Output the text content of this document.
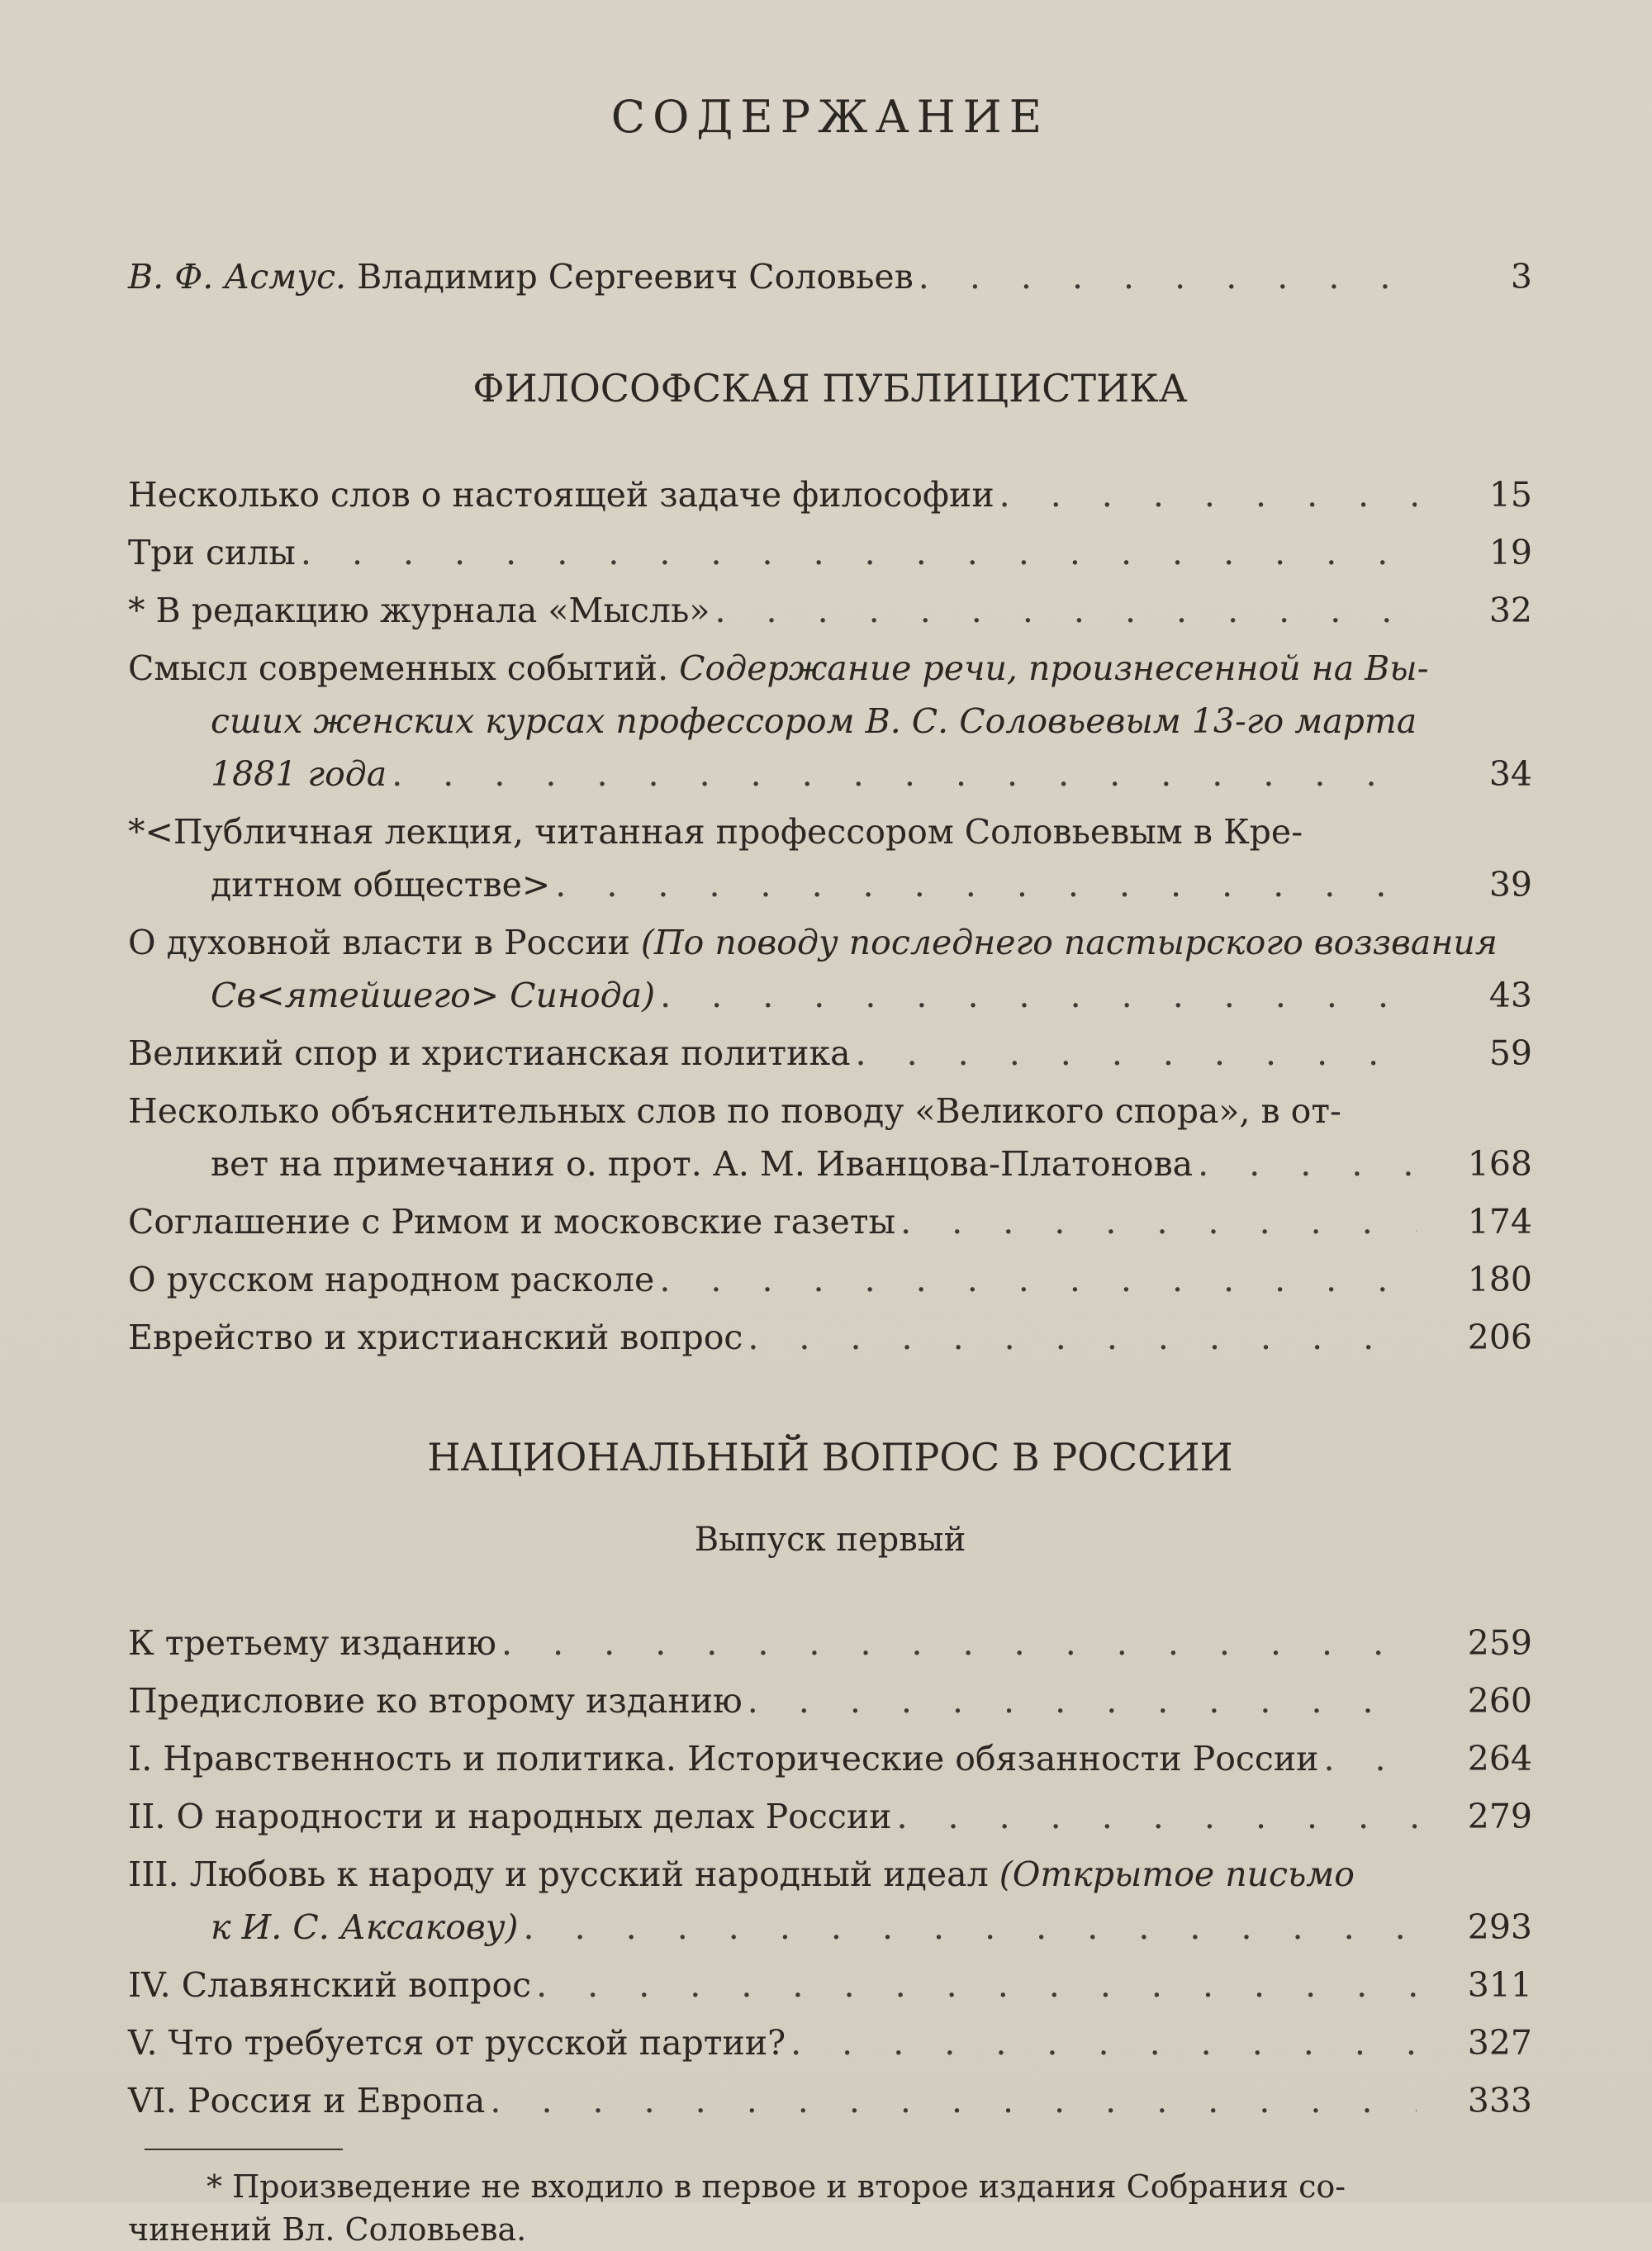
СОДЕРЖАНИЕ
В. Ф. Асмус. Владимир Сергеевич Соловьев . . .	3
ФИЛОСОФСКАЯ ПУБЛИЦИСТИКА
Несколько слов о настоящей задаче философии . . .	15
Три силы . . .	19
* В редакцию журнала «Мысль» . . .	32
Смысл современных событий. Содержание речи, произнесенной на Вы-
сших женских курсах профессором В. С. Соловьевым 13-го марта
1881 года . . .	34
*<Публичная лекция, читанная профессором Соловьевым в Кре-
дитном обществе> . . .	39
О духовной власти в России (По поводу последнего пастырского воззвания
Св<ятейшего> Синода) . . .	43
Великий спор и христианская политика . . .	59
Несколько объяснительных слов по поводу «Великого спора», в от-
вет на примечания о. прот. А. М. Иванцова-Платонова . . .	168
Соглашение с Римом и московские газеты . . .	174
О русском народном расколе . . .	180
Еврейство и христианский вопрос . . .	206
НАЦИОНАЛЬНЫЙ ВОПРОС В РОССИИ
Выпуск первый
К третьему изданию . . .	259
Предисловие ко второму изданию . . .	260
I. Нравственность и политика. Исторические обязанности России . . .	264
II. О народности и народных делах России . . .	279
III. Любовь к народу и русский народный идеал (Открытое письмо
к И. С. Аксакову) . . .	293
IV. Славянский вопрос . . .	311
V. Что требуется от русской партии? . . .	327
VI. Россия и Европа . . .	333
* Произведение не входило в первое и второе издания Собрания со-
чинений Вл. Соловьева.
